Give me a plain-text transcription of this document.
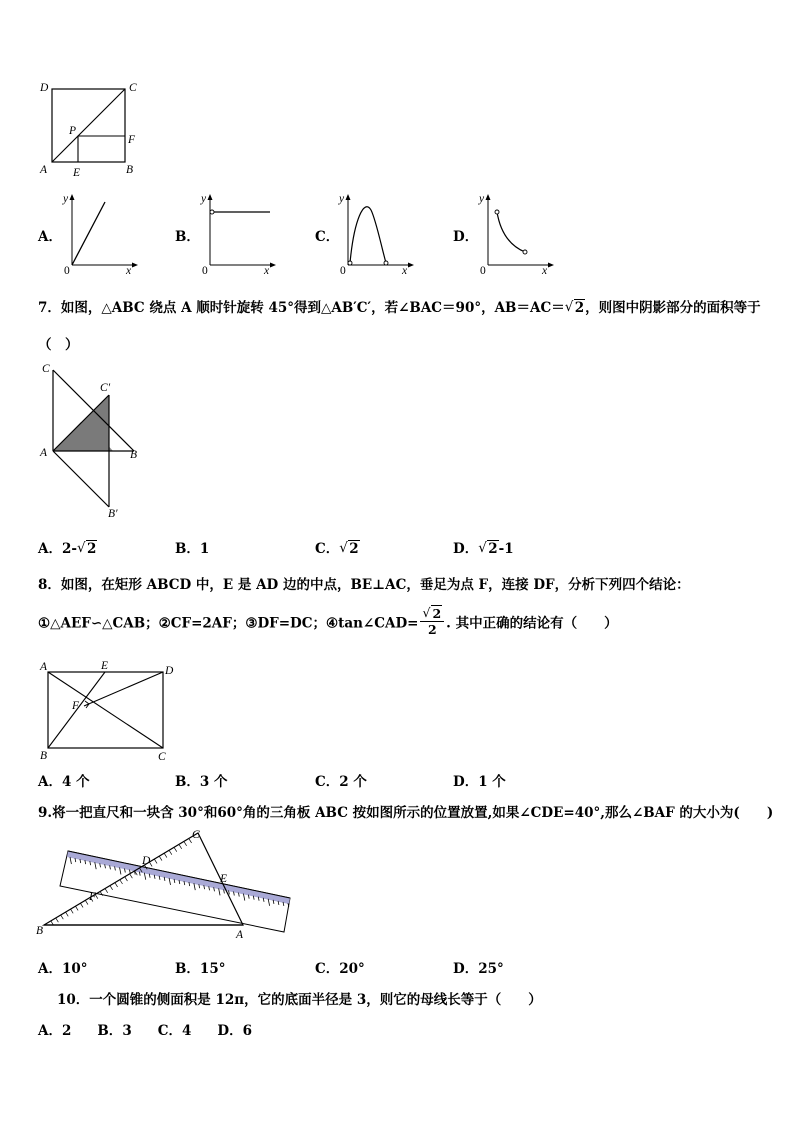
D	C
P
F
A E	B
A．
y
x
0
B．
y
x
0
C．
y
x
0
D．
y
x
0
7．如图，△ABC 绕点 A 顺时针旋转 45°得到△AB′C′，若∠BAC＝90°，AB＝AC＝ √ 2，则图中阴影部分的面积等于
（　）
C
C′
A	B
B′
A．2- √ 2	B．1	C． √ 2	D． √ 2-1
8．如图，在矩形 ABCD 中，E 是 AD 边的中点，BE⊥AC，垂足为点 F，连接 DF，分析下列四个结论：
①△AEF∽△CAB；②CF=2AF；③DF=DC；④tan∠CAD= √ $\frac{2}{2}$ . 其中正确的结论有（　　）
A	E	D
F
B	C
A．4 个	B．3 个	C．2 个	D．1 个
9.将一把直尺和一块含 30°和60°角的三角板 ABC 按如图所示的位置放置,如果∠CDE=40°,那么∠BAF 的大小为(　　)
C
D
E
F
B	A
A．10°	B．15°	C．20°	D．25°
10．一个圆锥的侧面积是 12π，它的底面半径是 3，则它的母线长等于（　　）
A．2 B．3 C．4 D．6
